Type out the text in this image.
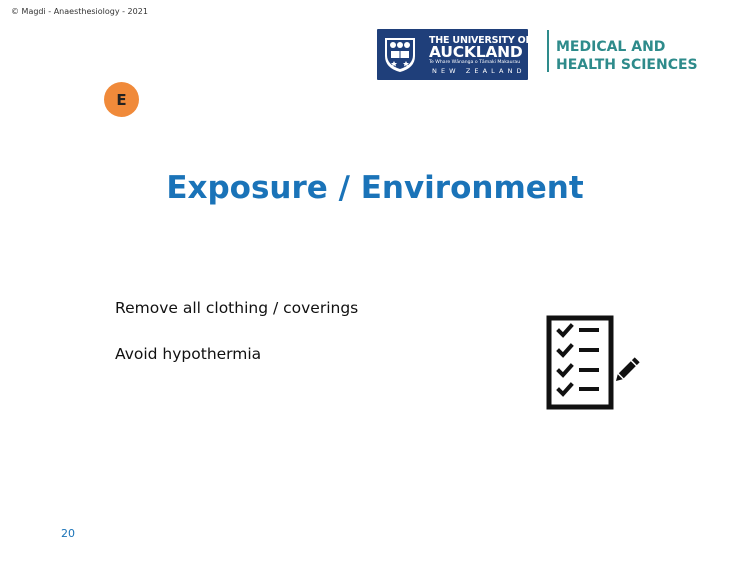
© Magdi - Anaesthesiology - 2021
THE UNIVERSITY OF
AUCKLAND
Te Whare Wānanga o Tāmaki Makaurau
NEW ZEALAND
MEDICAL AND
HEALTH SCIENCES
E
Exposure / Environment
Remove all clothing / coverings
Avoid hypothermia
20
